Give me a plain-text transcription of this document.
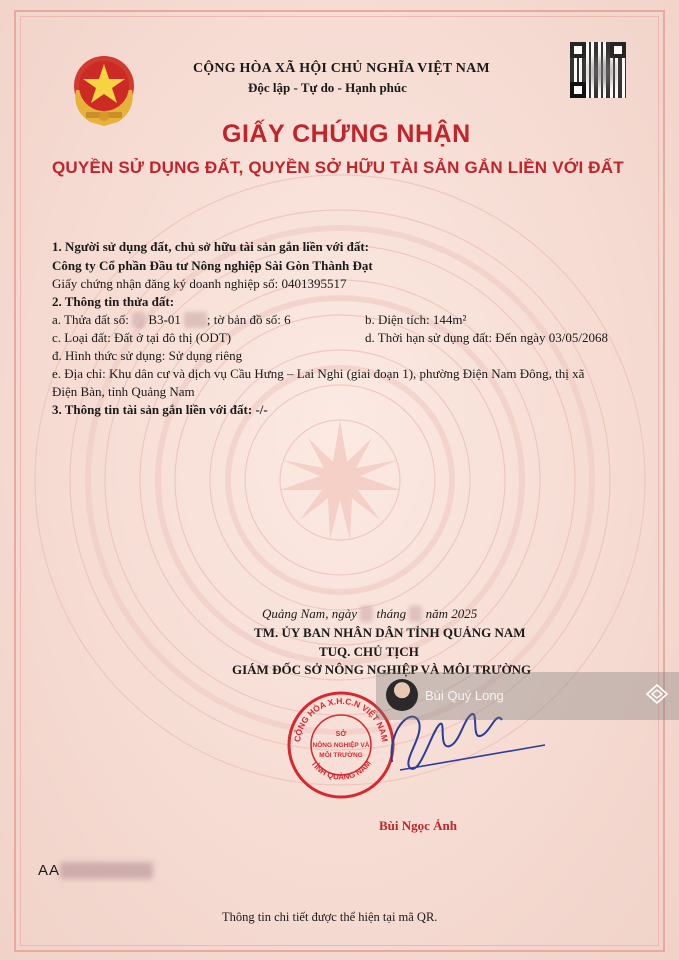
CỘNG HÒA XÃ HỘI CHỦ NGHĨA VIỆT NAM
Độc lập - Tự do - Hạnh phúc
GIẤY CHỨNG NHẬN
QUYỀN SỬ DỤNG ĐẤT, QUYỀN SỞ HỮU TÀI SẢN GẮN LIỀN VỚI ĐẤT
1. Người sử dụng đất, chủ sở hữu tài sản gắn liền với đất:
Công ty Cổ phần Đầu tư Nông nghiệp Sài Gòn Thành Đạt
Giấy chứng nhận đăng ký doanh nghiệp số: 0401395517
2. Thông tin thửa đất:
a. Thửa đất số: B3-01 ; tờ bản đồ số: 6	b. Diện tích: 144m²
c. Loại đất: Đất ở tại đô thị (ODT)	d. Thời hạn sử dụng đất: Đến ngày 03/05/2068
đ. Hình thức sử dụng: Sử dụng riêng
e. Địa chỉ: Khu dân cư và dịch vụ Cầu Hưng – Lai Nghi (giai đoạn 1), phường Điện Nam Đông, thị xã
Điện Bàn, tỉnh Quảng Nam
3. Thông tin tài sản gắn liền với đất: -/-
Quảng Nam, ngày tháng năm 2025
TM. ỦY BAN NHÂN DÂN TỈNH QUẢNG NAM
TUQ. CHỦ TỊCH
GIÁM ĐỐC SỞ NÔNG NGHIỆP VÀ MÔI TRƯỜNG
CỘNG HÒA X.H.C.N VIỆT NAM
TỈNH QUẢNG NAM
SỞ
NÔNG NGHIỆP VÀ
MÔI TRƯỜNG
Bùi Quý Long
Bùi Ngọc Ảnh
AA
Thông tin chi tiết được thể hiện tại mã QR.
